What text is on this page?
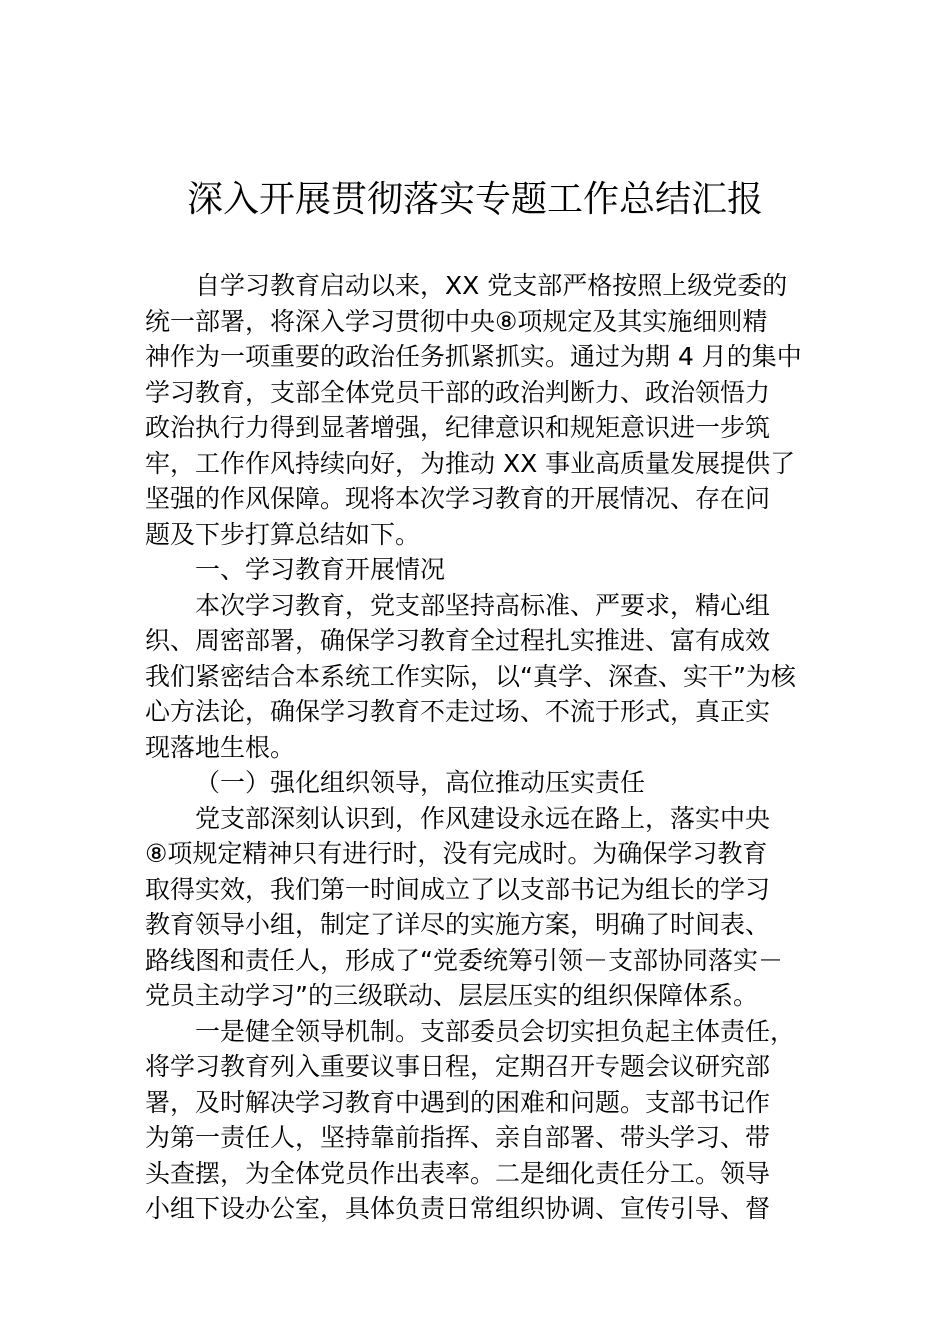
深入开展贯彻落实专题工作总结汇报
自学习教育启动以来，XX 党支部严格按照上级党委的
统一部署，将深入学习贯彻中央⑧项规定及其实施细则精
神作为一项重要的政治任务抓紧抓实。通过为期 4 月的集中
学习教育，支部全体党员干部的政治判断力、政治领悟力
政治执行力得到显著增强，纪律意识和规矩意识进一步筑
牢，工作作风持续向好，为推动 XX 事业高质量发展提供了
坚强的作风保障。现将本次学习教育的开展情况、存在问
题及下步打算总结如下。
一、学习教育开展情况
本次学习教育，党支部坚持高标准、严要求，精心组
织、周密部署，确保学习教育全过程扎实推进、富有成效
我们紧密结合本系统工作实际，以“真学、深查、实干”为核
心方法论，确保学习教育不走过场、不流于形式，真正实
现落地生根。
（一）强化组织领导，高位推动压实责任
党支部深刻认识到，作风建设永远在路上，落实中央
⑧项规定精神只有进行时，没有完成时。为确保学习教育
取得实效，我们第一时间成立了以支部书记为组长的学习
教育领导小组，制定了详尽的实施方案，明确了时间表、
路线图和责任人，形成了“党委统筹引领－支部协同落实－
党员主动学习”的三级联动、层层压实的组织保障体系。
一是健全领导机制。支部委员会切实担负起主体责任，
将学习教育列入重要议事日程，定期召开专题会议研究部
署，及时解决学习教育中遇到的困难和问题。支部书记作
为第一责任人，坚持靠前指挥、亲自部署、带头学习、带
头查摆，为全体党员作出表率。二是细化责任分工。领导
小组下设办公室，具体负责日常组织协调、宣传引导、督
